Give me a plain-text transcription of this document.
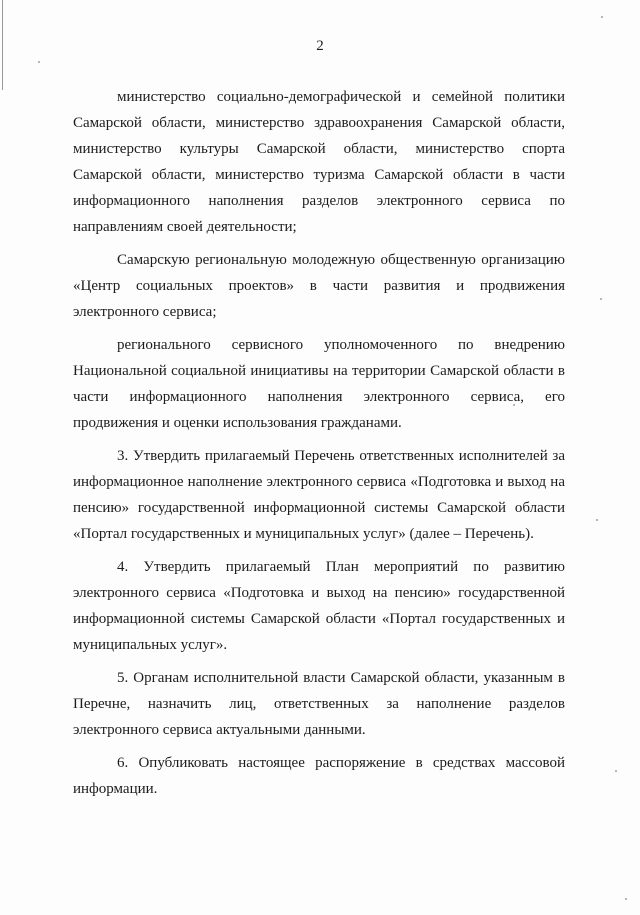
2

министерство социально-демографической и семейной политики Самарской области, министерство здравоохранения Самарской области, министерство культуры Самарской области, министерство спорта Самарской области, министерство туризма Самарской области в части информационного наполнения разделов электронного сервиса по направлениям своей деятельности;

Самарскую региональную молодежную общественную организацию «Центр социальных проектов» в части развития и продвижения электронного сервиса;

регионального сервисного уполномоченного по внедрению Национальной социальной инициативы на территории Самарской области в части информационного наполнения электронного сервиса, его продвижения и оценки использования гражданами.

3. Утвердить прилагаемый Перечень ответственных исполнителей за информационное наполнение электронного сервиса «Подготовка и выход на пенсию» государственной информационной системы Самарской области «Портал государственных и муниципальных услуг» (далее – Перечень).

4. Утвердить прилагаемый План мероприятий по развитию электронного сервиса «Подготовка и выход на пенсию» государственной информационной системы Самарской области «Портал государственных и муниципальных услуг».

5. Органам исполнительной власти Самарской области, указанным в Перечне, назначить лиц, ответственных за наполнение разделов электронного сервиса актуальными данными.

6. Опубликовать настоящее распоряжение в средствах массовой информации.
